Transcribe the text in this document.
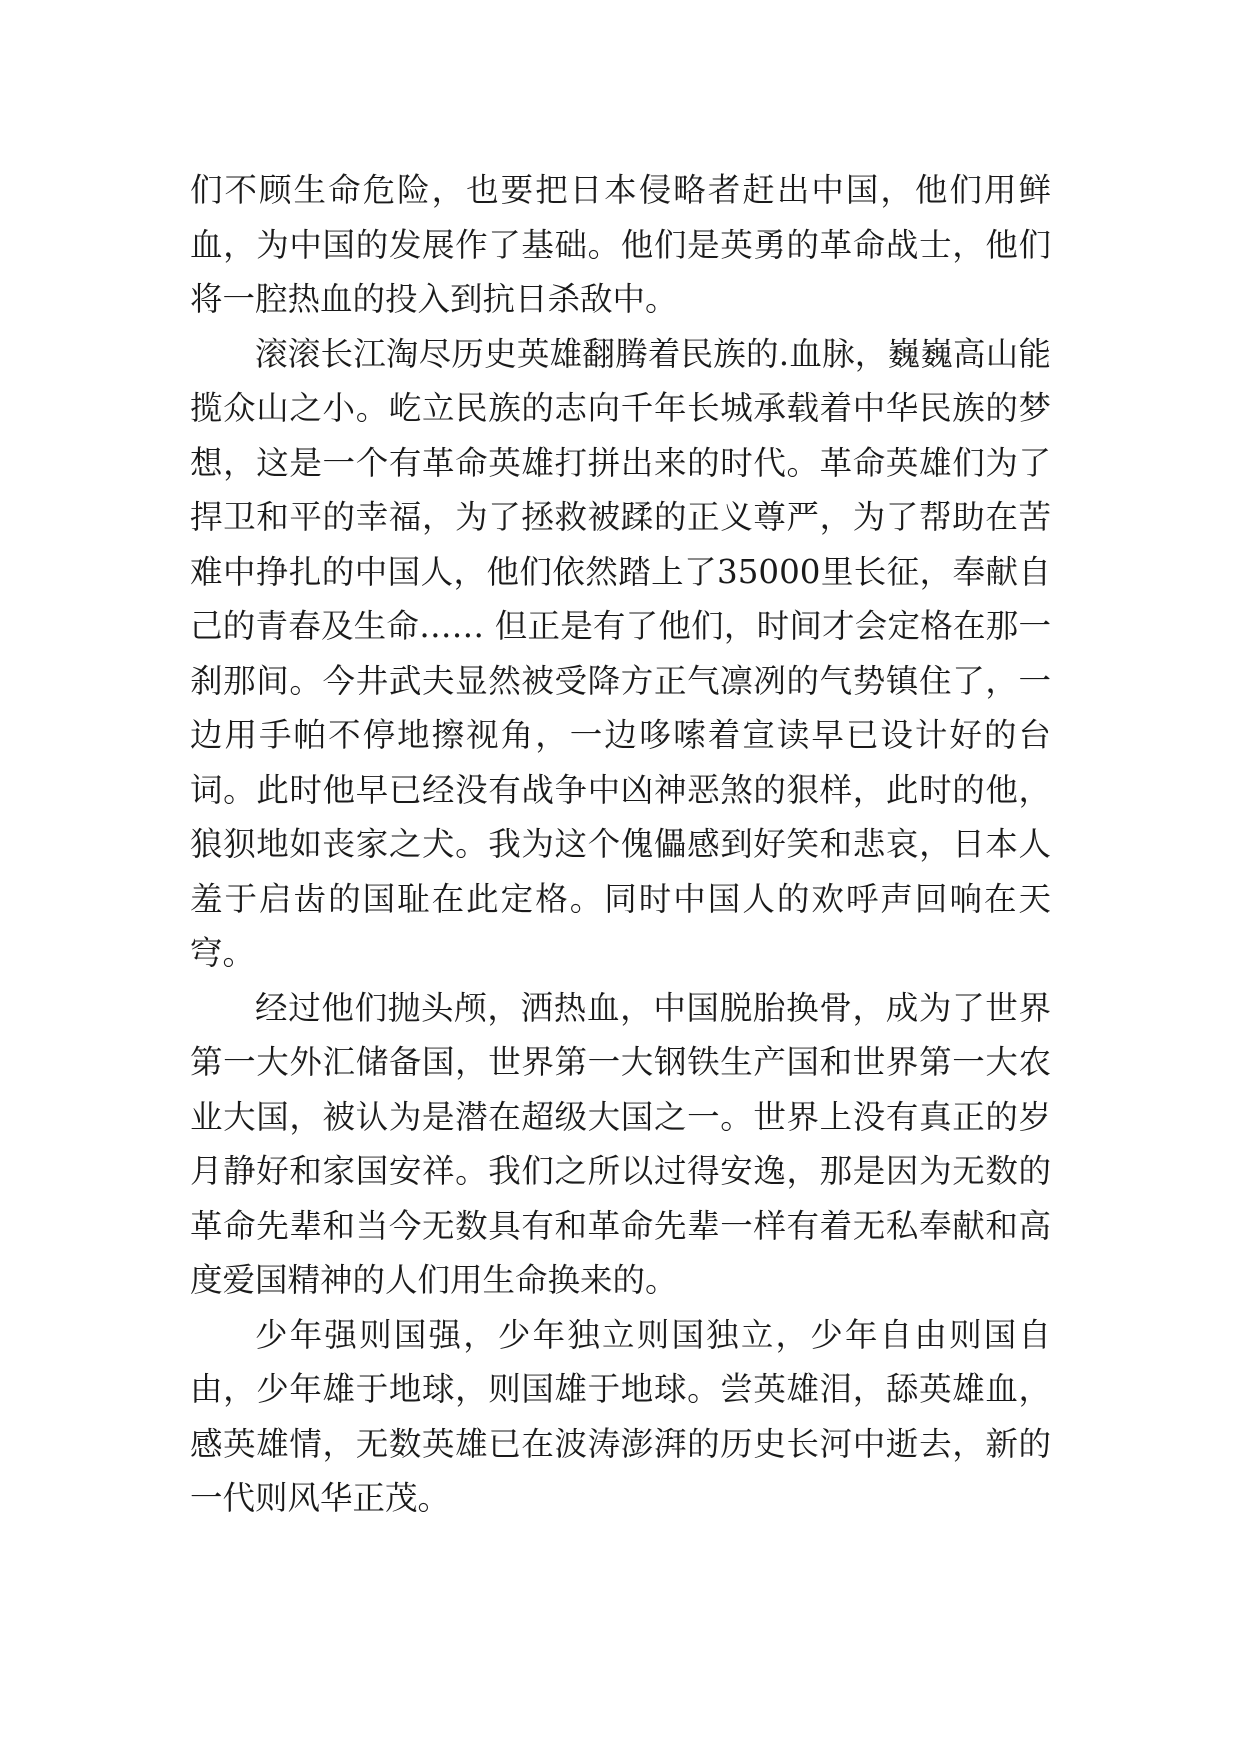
们不顾生命危险，也要把日本侵略者赶出中国，他们用鲜血，为中国的发展作了基础。他们是英勇的革命战士，他们将一腔热血的投入到抗日杀敌中。

滚滚长江淘尽历史英雄翻腾着民族的.血脉，巍巍高山能揽众山之小。屹立民族的志向千年长城承载着中华民族的梦想，这是一个有革命英雄打拼出来的时代。革命英雄们为了捍卫和平的幸福，为了拯救被蹂的正义尊严，为了帮助在苦难中挣扎的中国人，他们依然踏上了35000里长征，奉献自己的青春及生命…… 但正是有了他们，时间才会定格在那一刹那间。今井武夫显然被受降方正气凛冽的气势镇住了，一边用手帕不停地擦视角，一边哆嗦着宣读早已设计好的台词。此时他早已经没有战争中凶神恶煞的狠样，此时的他，狼狈地如丧家之犬。我为这个傀儡感到好笑和悲哀，日本人羞于启齿的国耻在此定格。同时中国人的欢呼声回响在天穹。

经过他们抛头颅，洒热血，中国脱胎换骨，成为了世界第一大外汇储备国，世界第一大钢铁生产国和世界第一大农业大国，被认为是潜在超级大国之一。世界上没有真正的岁月静好和家国安祥。我们之所以过得安逸，那是因为无数的革命先辈和当今无数具有和革命先辈一样有着无私奉献和高度爱国精神的人们用生命换来的。

少年强则国强，少年独立则国独立，少年自由则国自由，少年雄于地球，则国雄于地球。尝英雄泪，舔英雄血，感英雄情，无数英雄已在波涛澎湃的历史长河中逝去，新的一代则风华正茂。
